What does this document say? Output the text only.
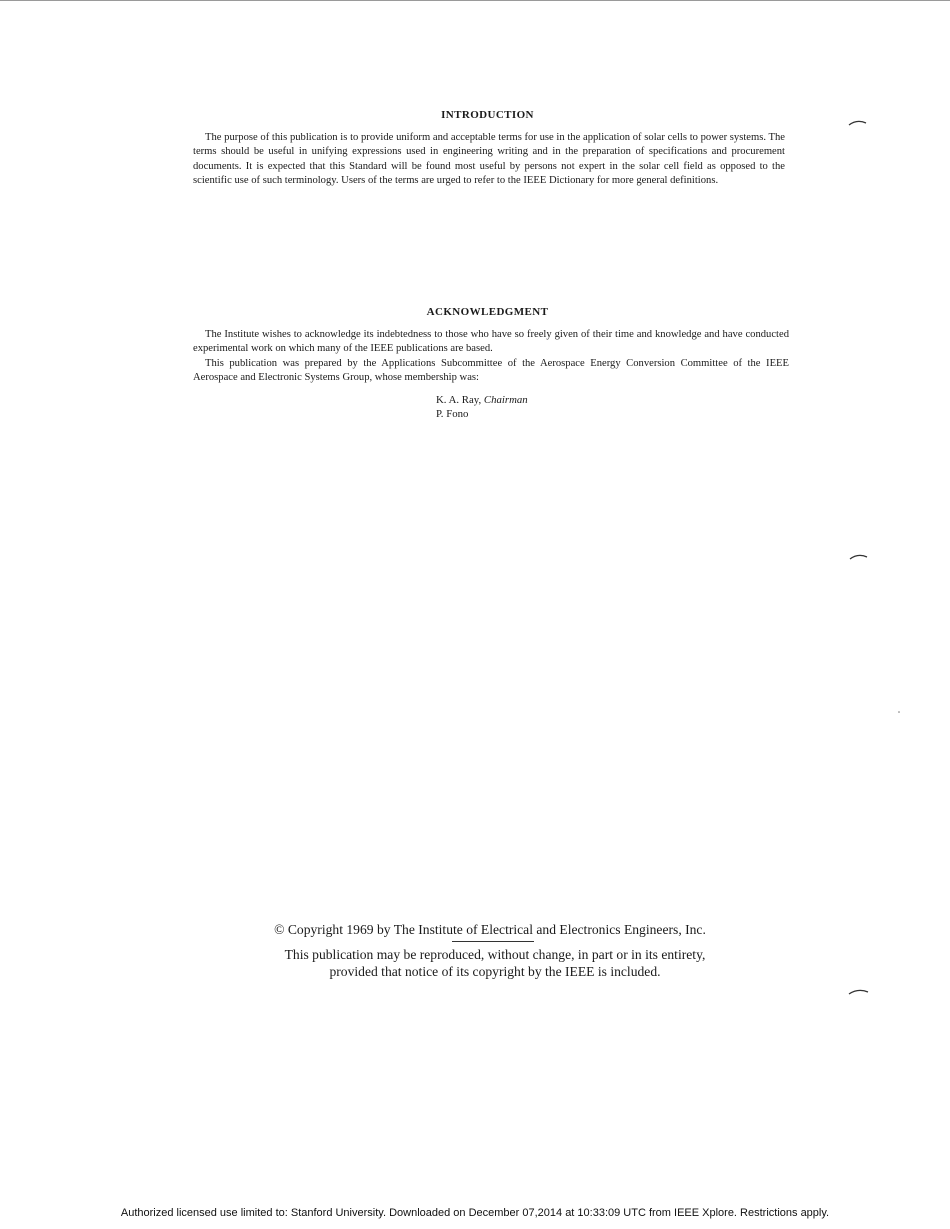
INTRODUCTION

The purpose of this publication is to provide uniform and acceptable terms for use in the application of solar cells to power systems. The terms should be useful in unifying expressions used in engineering writing and in the preparation of specifications and procurement documents. It is expected that this Standard will be found most useful by persons not expert in the solar cell field as opposed to the scientific use of such terminology. Users of the terms are urged to refer to the IEEE Dictionary for more general definitions.

ACKNOWLEDGMENT

The Institute wishes to acknowledge its indebtedness to those who have so freely given of their time and knowledge and have conducted experimental work on which many of the IEEE publications are based.

This publication was prepared by the Applications Subcommittee of the Aerospace Energy Conversion Committee of the IEEE Aerospace and Electronic Systems Group, whose membership was:

K. A. Ray, Chairman
P. Fono
© Copyright 1969 by The Institute of Electrical and Electronics Engineers, Inc.
This publication may be reproduced, without change, in part or in its entirety,
provided that notice of its copyright by the IEEE is included.
Authorized licensed use limited to: Stanford University. Downloaded on December 07,2014 at 10:33:09 UTC from IEEE Xplore. Restrictions apply.
